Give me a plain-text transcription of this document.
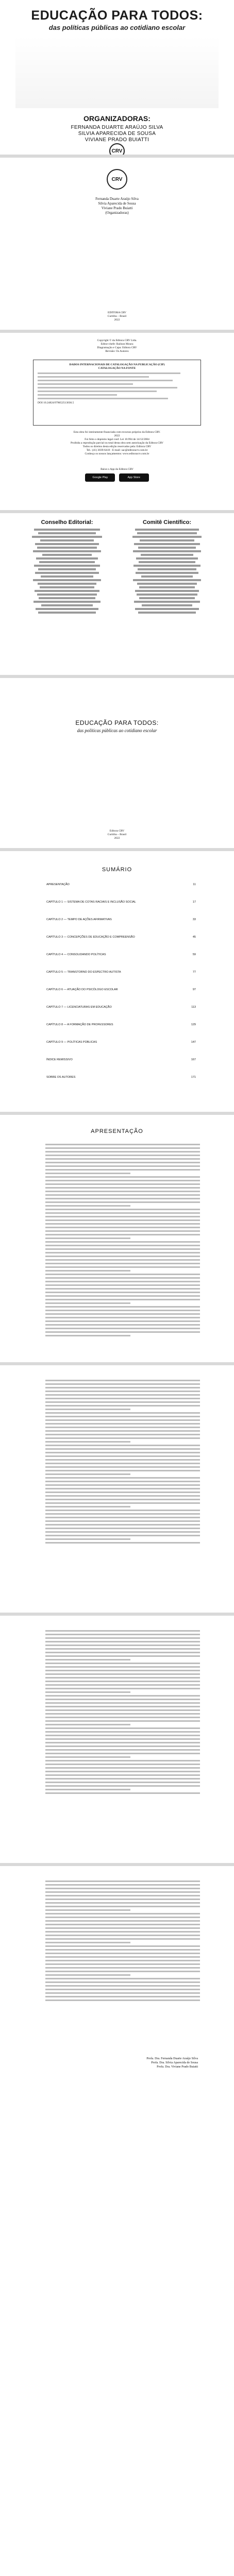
EDUCAÇÃO PARA TODOS:
das políticas públicas ao cotidiano escolar
ORGANIZADORAS:
FERNANDA DUARTE ARAÚJO SILVA
SILVIA APARECIDA DE SOUSA
VIVIANE PRADO BUIATTI
CRV
CRV
Fernanda Duarte Araújo Silva
Silvia Aparecida de Sousa
Viviane Prado Buiatti
(Organizadoras)
EDITORA CRV
Curitiba – Brasil
2022
Copyright © da Editora CRV Ltda.
Editor-chefe: Railson Moura
Diagramação e Capa: Editora CRV
Revisão: Os Autores
DADOS INTERNACIONAIS DE CATALOGAÇÃO NA PUBLICAÇÃO (CIP)
CATALOGAÇÃO NA FONTE
DOI 10.24824/978652513036.5
Esta obra foi inteiramente financiada com recursos próprios da Editora CRV.
2022
Foi feito o depósito legal conf. Lei 10.994 de 14/12/2004
Proibida a reprodução parcial ou total desta obra sem autorização da Editora CRV
Todos os direitos desta edição reservados pela: Editora CRV
Tel.: (41) 3039-6418 - E-mail: sac@editoracrv.com.br
Conheça os nossos lançamentos: www.editoracrv.com.br
Baixe o App da Editora CRV
Google Play	App Store
Conselho Editorial:	Comitê Científico:
EDUCAÇÃO PARA TODOS:
das políticas públicas ao cotidiano escolar
Editora CRV
Curitiba – Brasil
2022
SUMÁRIO
APRESENTAÇÃO	11
CAPÍTULO 1 — SISTEMA DE COTAS RACIAIS E INCLUSÃO SOCIAL	17
CAPÍTULO 2 — TEMPO DE AÇÕES AFIRMATIVAS	33
CAPÍTULO 3 — CONCEPÇÕES DE EDUCAÇÃO E COMPREENSÃO	45
CAPÍTULO 4 — CONSOLIDANDO POLÍTICAS	59
CAPÍTULO 5 — TRANSTORNO DO ESPECTRO AUTISTA	77
CAPÍTULO 6 — ATUAÇÃO DO PSICÓLOGO ESCOLAR	97
CAPÍTULO 7 — LICENCIATURAS EM EDUCAÇÃO	113
CAPÍTULO 8 — A FORMAÇÃO DE PROFESSORES	129
CAPÍTULO 9 — POLÍTICAS PÚBLICAS	147
ÍNDICE REMISSIVO	167
SOBRE OS AUTORES	171
APRESENTAÇÃO
Profa. Dra. Fernanda Duarte Araújo Silva
Profa. Dra. Silvia Aparecida de Sousa
Profa. Dra. Viviane Prado Buiatti
